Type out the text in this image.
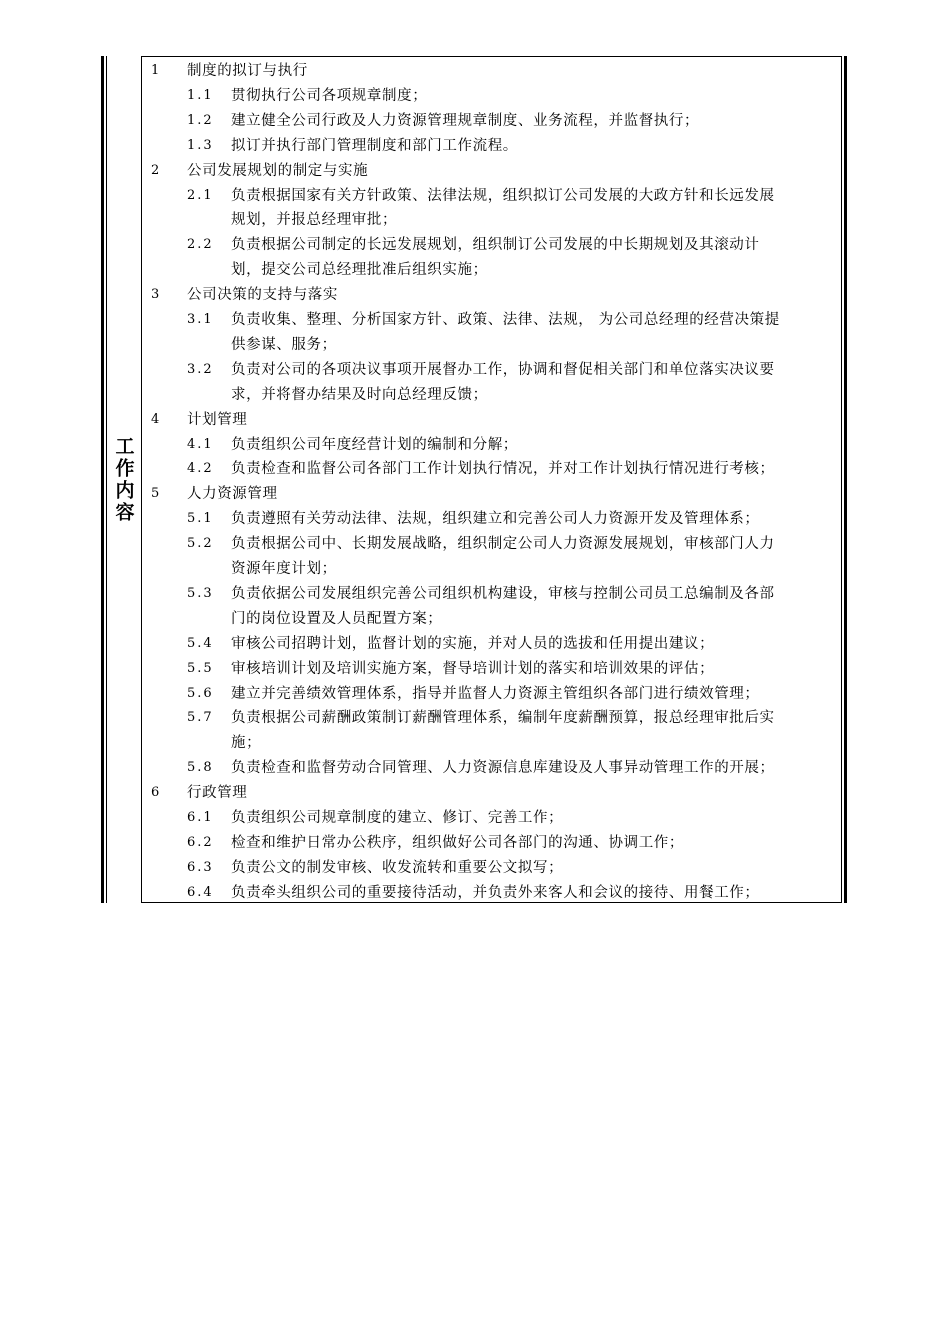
工作内容
1 制度的拟订与执行
1.1 贯彻执行公司各项规章制度；
1.2 建立健全公司行政及人力资源管理规章制度、业务流程，并监督执行；
1.3 拟订并执行部门管理制度和部门工作流程。
2 公司发展规划的制定与实施
2.1 负责根据国家有关方针政策、法律法规，组织拟订公司发展的大政方针和长远发展
规划，并报总经理审批；
2.2 负责根据公司制定的长远发展规划，组织制订公司发展的中长期规划及其滚动计
划，提交公司总经理批准后组织实施；
3 公司决策的支持与落实
3.1 负责收集、整理、分析国家方针、政策、法律、法规， 为公司总经理的经营决策提
供参谋、服务；
3.2 负责对公司的各项决议事项开展督办工作，协调和督促相关部门和单位落实决议要
求，并将督办结果及时向总经理反馈；
4 计划管理
4.1 负责组织公司年度经营计划的编制和分解；
4.2 负责检查和监督公司各部门工作计划执行情况，并对工作计划执行情况进行考核；
5 人力资源管理
5.1 负责遵照有关劳动法律、法规，组织建立和完善公司人力资源开发及管理体系；
5.2 负责根据公司中、长期发展战略，组织制定公司人力资源发展规划，审核部门人力
资源年度计划；
5.3 负责依据公司发展组织完善公司组织机构建设，审核与控制公司员工总编制及各部
门的岗位设置及人员配置方案；
5.4 审核公司招聘计划，监督计划的实施，并对人员的选拔和任用提出建议；
5.5 审核培训计划及培训实施方案，督导培训计划的落实和培训效果的评估；
5.6 建立并完善绩效管理体系，指导并监督人力资源主管组织各部门进行绩效管理；
5.7 负责根据公司薪酬政策制订薪酬管理体系，编制年度薪酬预算，报总经理审批后实
施；
5.8 负责检查和监督劳动合同管理、人力资源信息库建设及人事异动管理工作的开展；
6 行政管理
6.1 负责组织公司规章制度的建立、修订、完善工作；
6.2 检查和维护日常办公秩序，组织做好公司各部门的沟通、协调工作；
6.3 负责公文的制发审核、收发流转和重要公文拟写；
6.4 负责牵头组织公司的重要接待活动，并负责外来客人和会议的接待、用餐工作；
